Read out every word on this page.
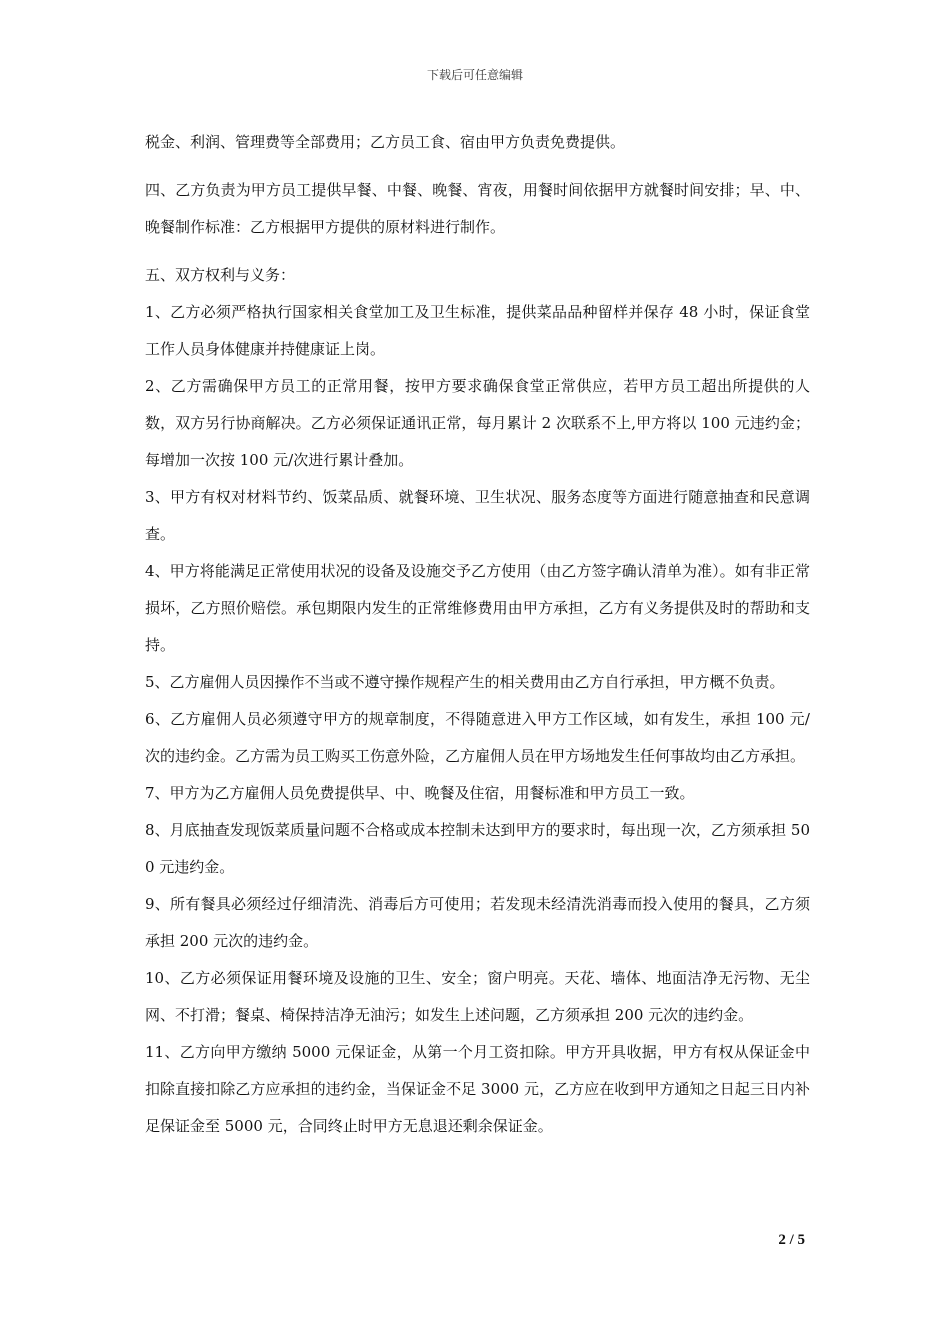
下载后可任意编辑

税金、利润、管理费等全部费用；乙方员工食、宿由甲方负责免费提供。

四、乙方负责为甲方员工提供早餐、中餐、晚餐、宵夜，用餐时间依据甲方就餐时间安排；早、中、晚餐制作标准：乙方根据甲方提供的原材料进行制作。

五、双方权利与义务：

1、乙方必须严格执行国家相关食堂加工及卫生标准，提供菜品品种留样并保存 48 小时，保证食堂工作人员身体健康并持健康证上岗。

2、乙方需确保甲方员工的正常用餐，按甲方要求确保食堂正常供应，若甲方员工超出所提供的人数，双方另行协商解决。乙方必须保证通讯正常，每月累计 2 次联系不上,甲方将以 100 元违约金；每增加一次按 100 元/次进行累计叠加。

3、甲方有权对材料节约、饭菜品质、就餐环境、卫生状况、服务态度等方面进行随意抽查和民意调查。

4、甲方将能满足正常使用状况的设备及设施交予乙方使用（由乙方签字确认清单为准）。如有非正常损坏，乙方照价赔偿。承包期限内发生的正常维修费用由甲方承担，乙方有义务提供及时的帮助和支持。

5、乙方雇佣人员因操作不当或不遵守操作规程产生的相关费用由乙方自行承担，甲方概不负责。

6、乙方雇佣人员必须遵守甲方的规章制度，不得随意进入甲方工作区域，如有发生，承担 100 元/次的违约金。乙方需为员工购买工伤意外险，乙方雇佣人员在甲方场地发生任何事故均由乙方承担。

7、甲方为乙方雇佣人员免费提供早、中、晚餐及住宿，用餐标准和甲方员工一致。

8、月底抽查发现饭菜质量问题不合格或成本控制未达到甲方的要求时，每出现一次，乙方须承担 500 元违约金。

9、所有餐具必须经过仔细清洗、消毒后方可使用；若发现未经清洗消毒而投入使用的餐具，乙方须承担 200 元次的违约金。

10、乙方必须保证用餐环境及设施的卫生、安全；窗户明亮。天花、墙体、地面洁净无污物、无尘网、不打滑；餐桌、椅保持洁净无油污；如发生上述问题，乙方须承担 200 元次的违约金。

11、乙方向甲方缴纳 5000 元保证金，从第一个月工资扣除。甲方开具收据，甲方有权从保证金中扣除直接扣除乙方应承担的违约金，当保证金不足 3000 元，乙方应在收到甲方通知之日起三日内补足保证金至 5000 元，合同终止时甲方无息退还剩余保证金。

2 / 5
